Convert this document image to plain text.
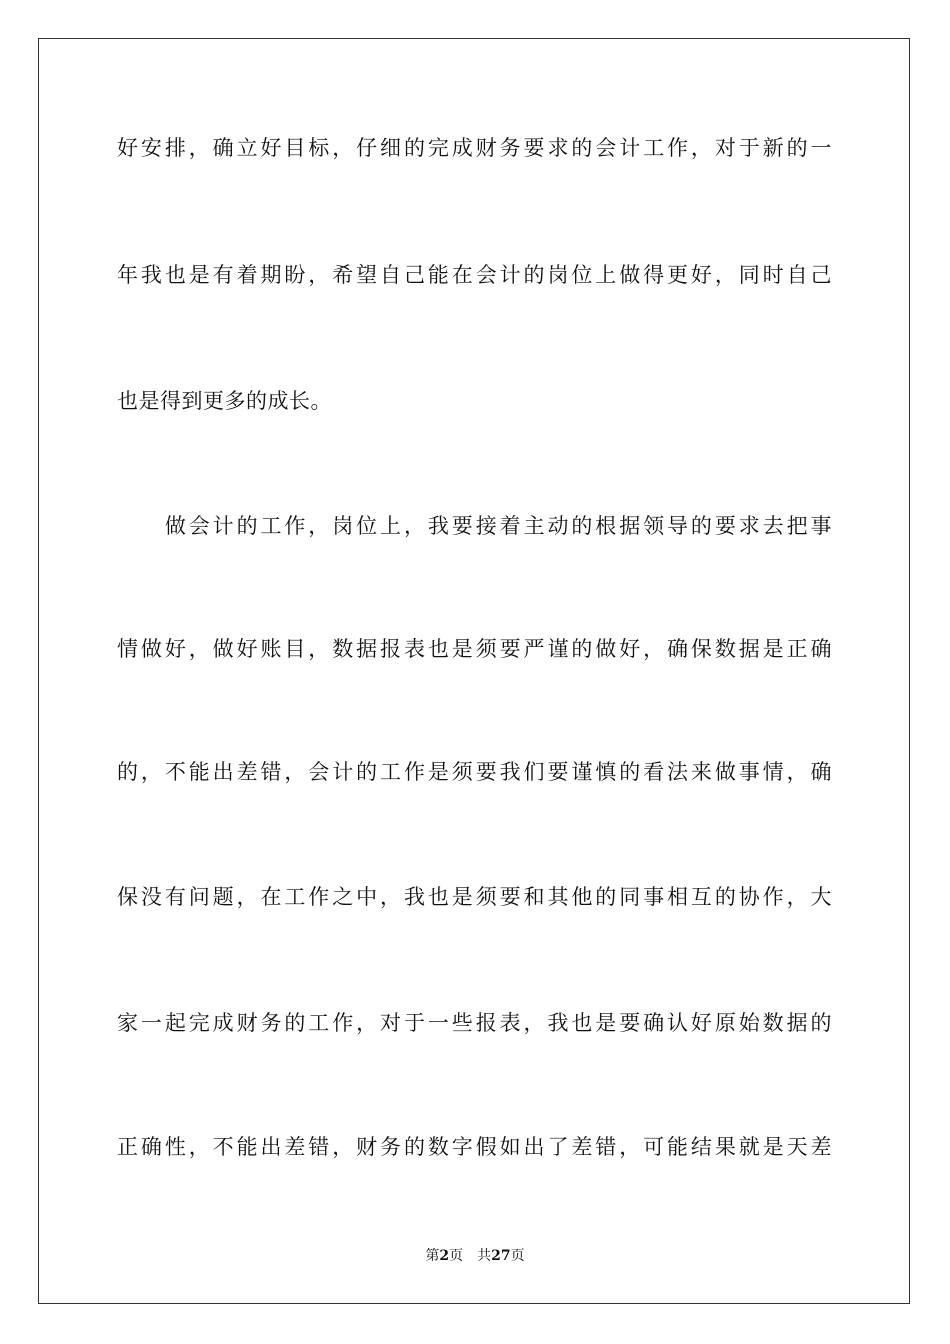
好安排，确立好目标，仔细的完成财务要求的会计工作，对于新的一
年我也是有着期盼，希望自己能在会计的岗位上做得更好，同时自己
也是得到更多的成长。
　　做会计的工作，岗位上，我要接着主动的根据领导的要求去把事
情做好，做好账目，数据报表也是须要严谨的做好，确保数据是正确
的，不能出差错，会计的工作是须要我们要谨慎的看法来做事情，确
保没有问题，在工作之中，我也是须要和其他的同事相互的协作，大
家一起完成财务的工作，对于一些报表，我也是要确认好原始数据的
正确性，不能出差错，财务的数字假如出了差错，可能结果就是天差
第2页 共27页
